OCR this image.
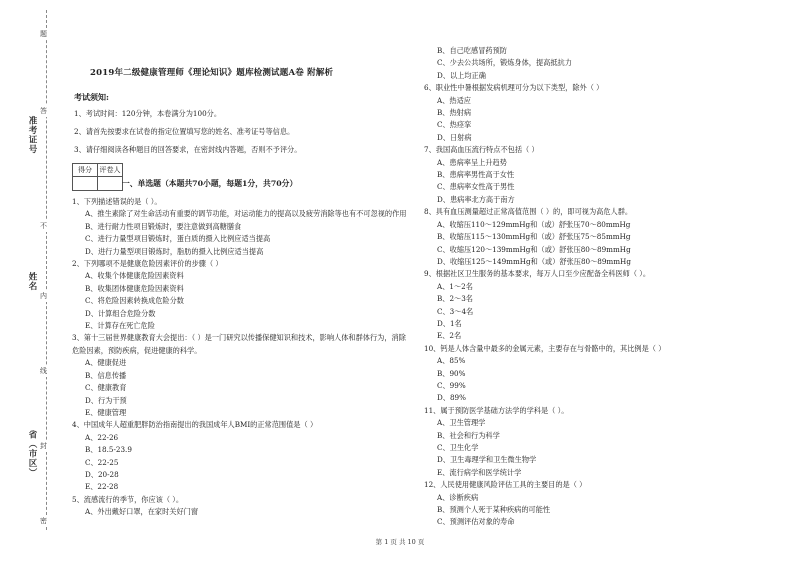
准考证号
姓名
省（市区）
题
答
不
内
线
封
密
2019年二级健康管理师《理论知识》题库检测试题A卷 附解析
考试须知:
1、考试时间：120分钟，本卷满分为100分。
2、请首先按要求在试卷的指定位置填写您的姓名、准考证号等信息。
3、请仔细阅读各种题目的回答要求，在密封线内答题，否则不予评分。
得分	评卷人

一、单选题（本题共70小题，每题1分，共70分）
1、下列描述错误的是（ ）。
A、推生素除了对生命活动有重要的调节功能，对运动能力的提高以及疲劳消除等也有不可忽视的作用
B、进行耐力性项目锻炼时，要注意做到高糖膳食
C、进行力量型项目锻炼时，蛋白质的摄入比例应适当提高
D、进行力量型项目锻炼时，脂肪的摄入比例应适当提高
2、下列哪项不是健康危险因素评价的步骤（ ）
A、收集个体健康危险因素资料
B、收集团体健康危险因素资料
C、将危险因素转换成危险分数
D、计算组合危险分数
E、计算存在死亡危险
3、第十三届世界健康教育大会提出：（ ）是一门研究以传播保健知识和技术，影响人体和群体行为，消除危险因素，预防疾病，促进健康的科学。
A、健康促进
B、信息传播
C、健康教育
D、行为干预
E、健康管理
4、中国成年人超重肥胖防治指南提出的我国成年人BMI的正常范围值是（ ）
A、22-26
B、18.5-23.9
C、22-25
D、20-28
E、22-28
5、流感流行的季节，你应该（ ）。
A、外出戴好口罩，在家时关好门窗
B、自己吃感冒药预防
C、少去公共场所，锻炼身体，提高抵抗力
D、以上均正确
6、职业性中暑根据发病机理可分为以下类型，除外（ ）
A、热适应
B、热射病
C、热痉挛
D、日射病
7、我国高血压流行特点不包括（ ）
A、患病率呈上升趋势
B、患病率男性高于女性
C、患病率女性高于男性
D、患病率北方高于南方
8、具有血压测量超过正常高值范围（ ）的，即可视为高危人群。
A、收缩压110～129mmHg和（或）舒张压70～80mmHg
B、收缩压115～130mmHg和（或）舒张压75～85mmHg
C、收缩压120～139mmHg和（或）舒张压80～89mmHg
D、收缩压125～149mmHg和（或）舒张压80～89mmHg
9、根据社区卫生服务的基本要求，每万人口至少应配备全科医师（ ）。
A、1～2名
B、2～3名
C、3～4名
D、1名
E、2名
10、钙是人体含量中最多的金属元素，主要存在与骨骼中的，其比例是（ ）
A、85%
B、90%
C、99%
D、89%
11、属于预防医学基础方法学的学科是（ ）。
A、卫生管理学
B、社会和行为科学
C、卫生化学
D、卫生毒理学和卫生微生物学
E、流行病学和医学统计学
12、人民使用健康风险评估工具的主要目的是（ ）
A、诊断疾病
B、预测个人死于某种疾病的可能性
C、预测评估对象的寿命
第 1 页 共 10 页
